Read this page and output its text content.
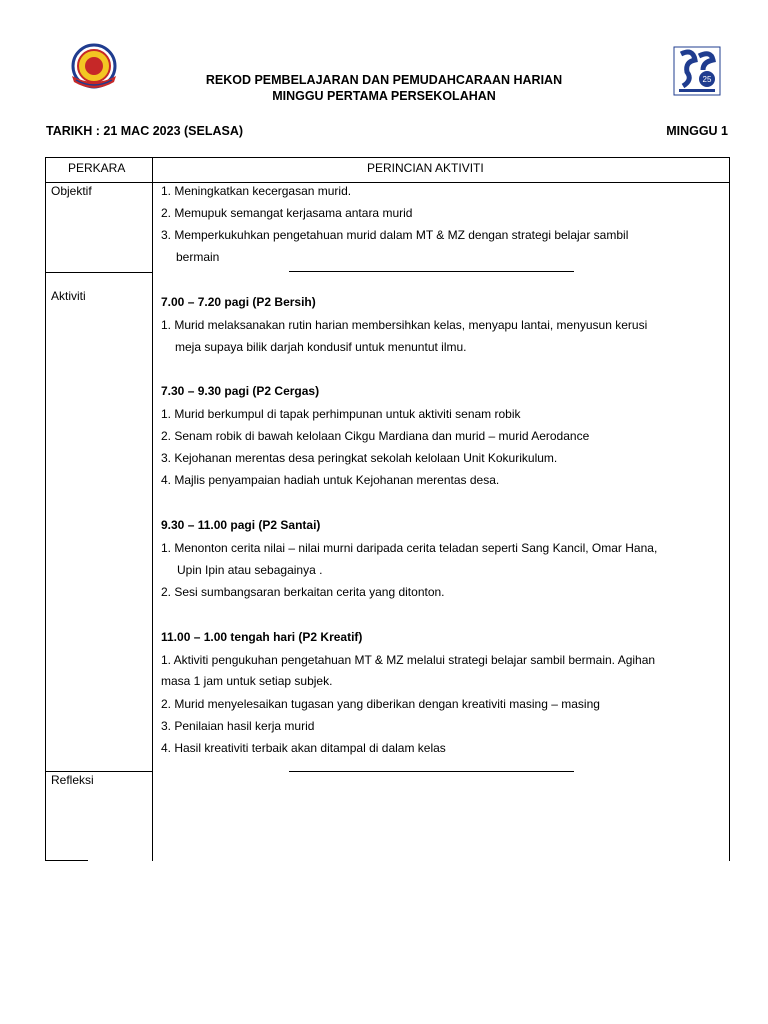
25
REKOD PEMBELAJARAN DAN PEMUDAHCARAAN HARIAN
MINGGU PERTAMA PERSEKOLAHAN
TARIKH : 21 MAC 2023 (SELASA)	MINGGU 1
PERKARA	PERINCIAN AKTIVITI
Objektif	1. Meningkatkan kecergasan murid.
2. Memupuk semangat kerjasama antara murid
3. Memperkukuhkan pengetahuan murid dalam MT & MZ dengan strategi belajar sambil
bermain
Aktiviti	7.00 – 7.20 pagi (P2 Bersih)
1. Murid melaksanakan rutin harian membersihkan kelas, menyapu lantai, menyusun kerusi
meja supaya bilik darjah kondusif untuk menuntut ilmu.
7.30 – 9.30 pagi (P2 Cergas)
1. Murid berkumpul di tapak perhimpunan untuk aktiviti senam robik
2. Senam robik di bawah kelolaan Cikgu Mardiana dan murid – murid Aerodance
3. Kejohanan merentas desa peringkat sekolah kelolaan Unit Kokurikulum.
4. Majlis penyampaian hadiah untuk Kejohanan merentas desa.
9.30 – 11.00 pagi (P2 Santai)
1. Menonton cerita nilai – nilai murni daripada cerita teladan seperti Sang Kancil, Omar Hana,
Upin Ipin atau sebagainya .
2. Sesi sumbangsaran berkaitan cerita yang ditonton.
11.00 – 1.00 tengah hari (P2 Kreatif)
1. Aktiviti pengukuhan pengetahuan MT & MZ melalui strategi belajar sambil bermain. Agihan
masa 1 jam untuk setiap subjek.
2. Murid menyelesaikan tugasan yang diberikan dengan kreativiti masing – masing
3. Penilaian hasil kerja murid
4. Hasil kreativiti terbaik akan ditampal di dalam kelas
Refleksi
